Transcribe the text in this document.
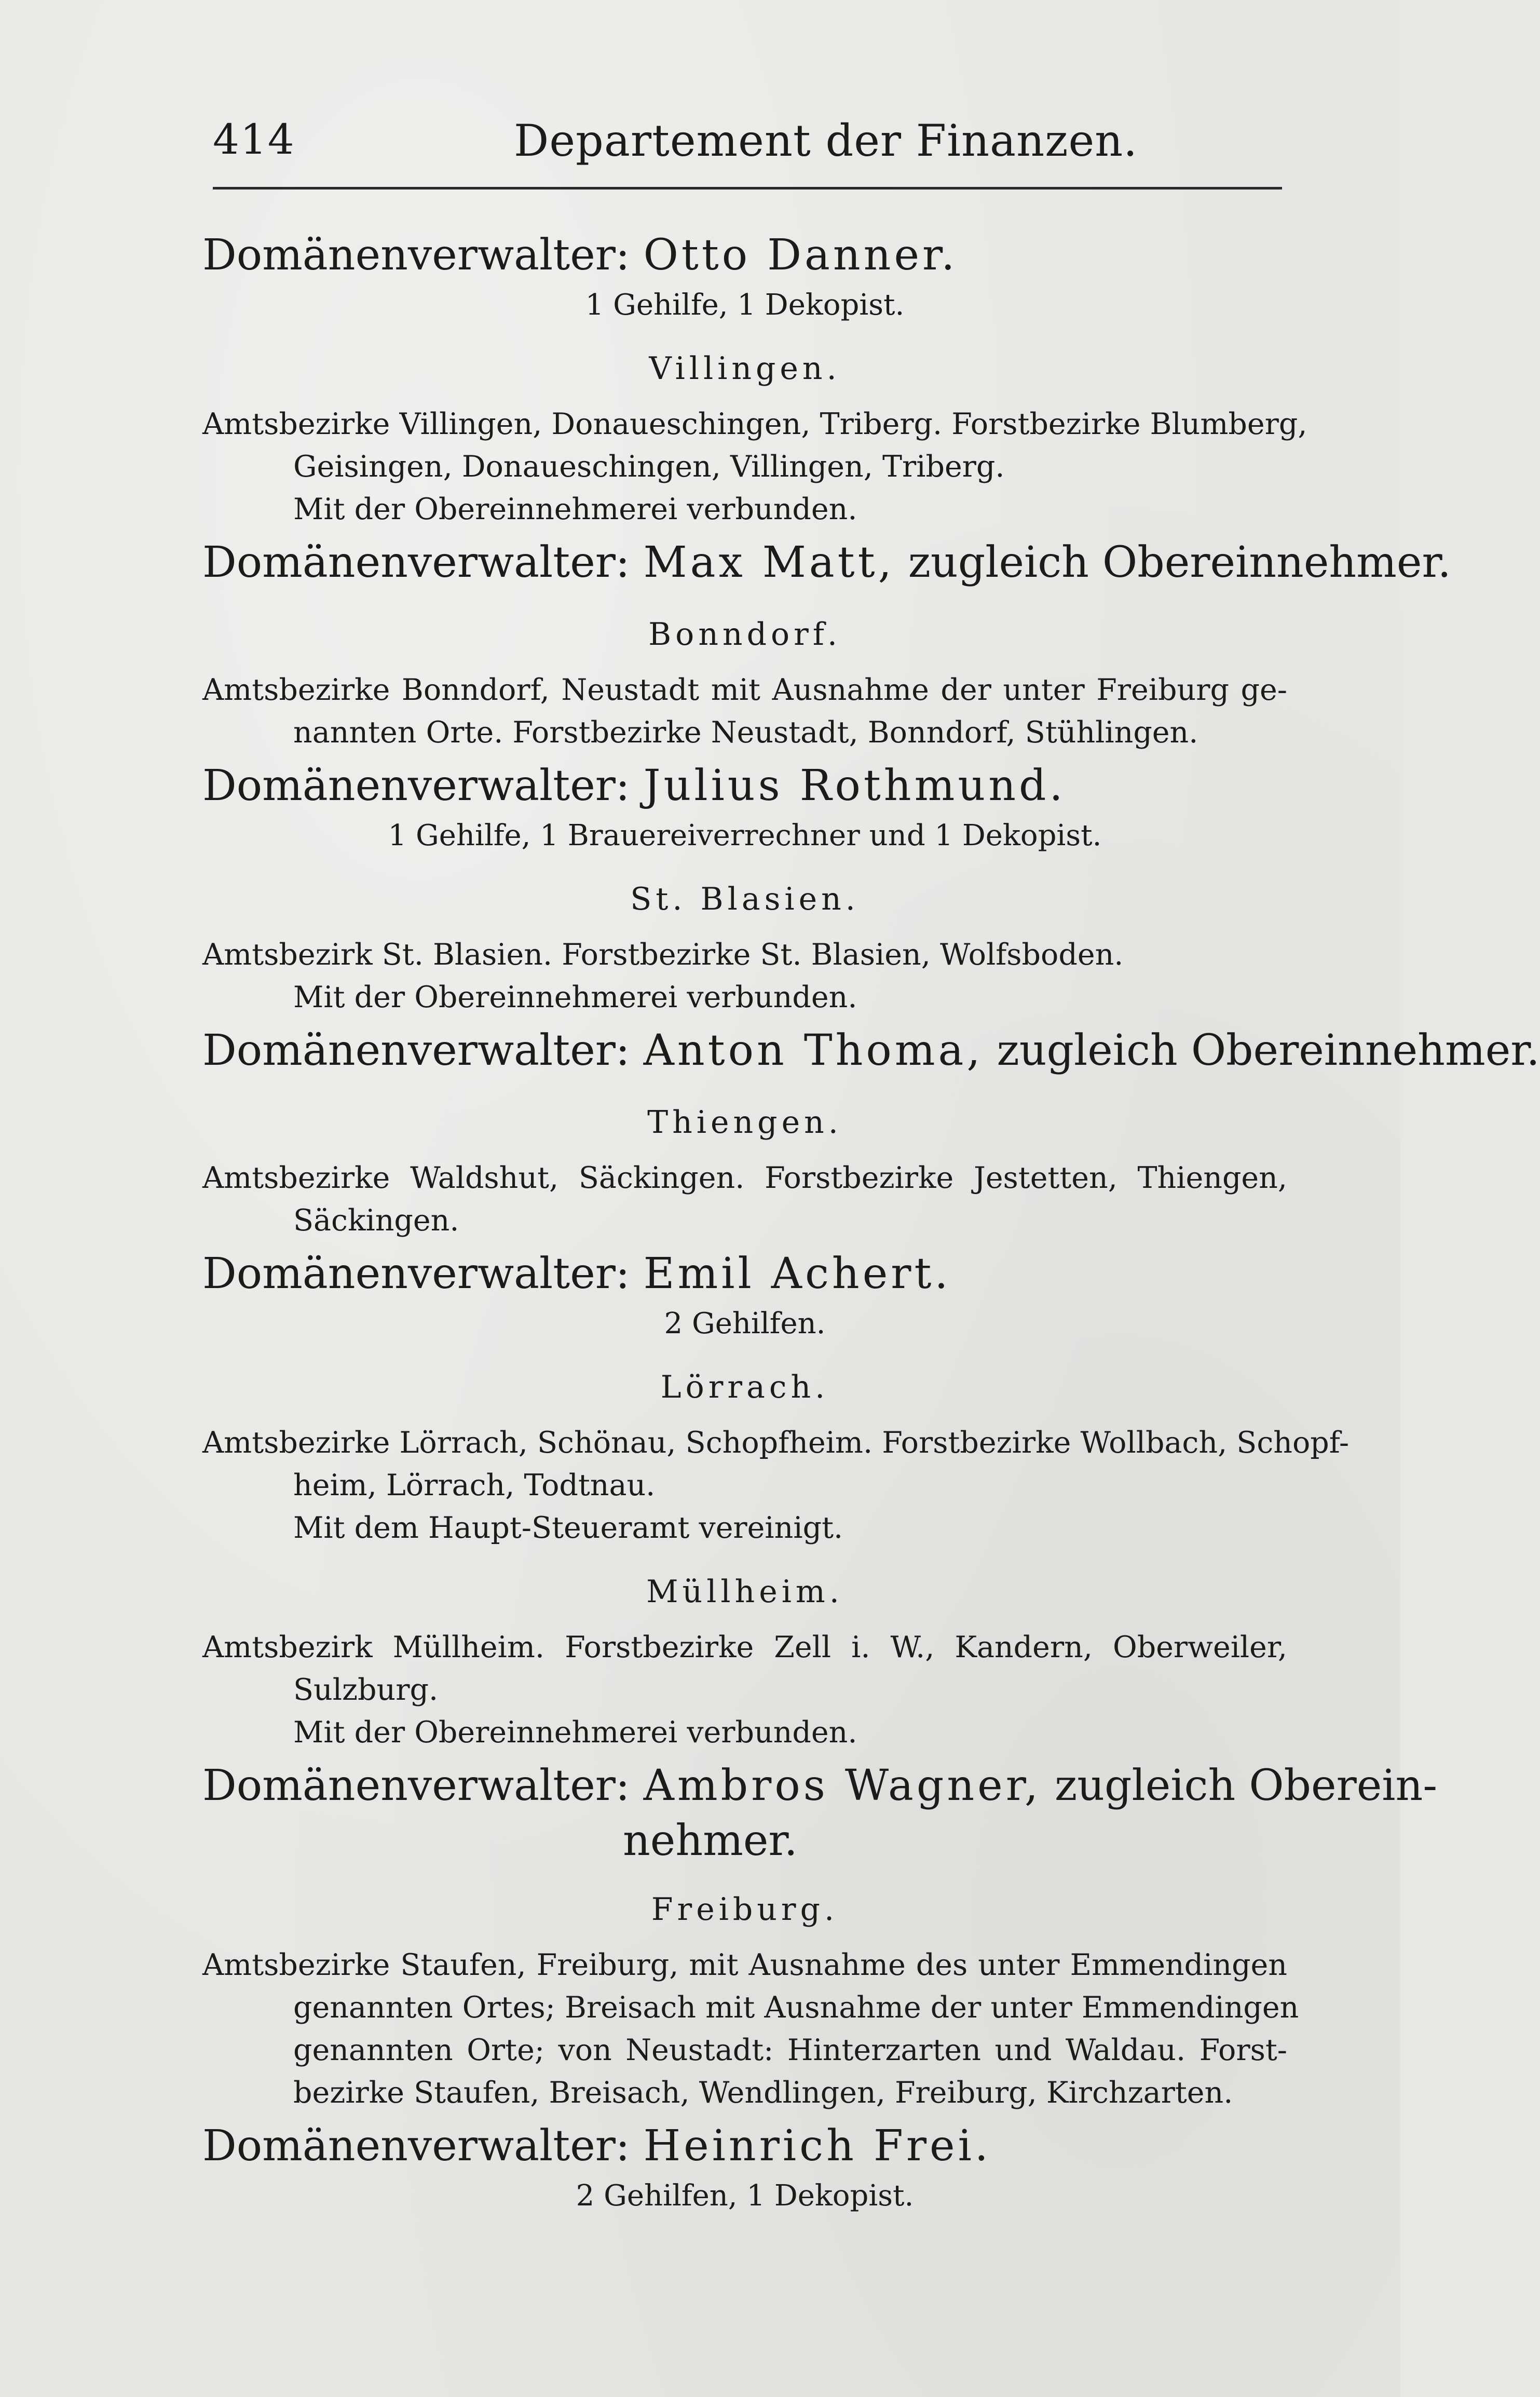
414	Departement der Finanzen.
Domänenverwalter: Otto Danner.
1 Gehilfe, 1 Dekopist.
Villingen.
Amtsbezirke Villingen, Donaueschingen, Triberg. Forstbezirke Blumberg,
Geisingen, Donaueschingen, Villingen, Triberg.
Mit der Obereinnehmerei verbunden.
Domänenverwalter: Max Matt, zugleich Obereinnehmer.
Bonndorf.
Amtsbezirke Bonndorf, Neustadt mit Ausnahme der unter Freiburg ge-
nannten Orte. Forstbezirke Neustadt, Bonndorf, Stühlingen.
Domänenverwalter: Julius Rothmund.
1 Gehilfe, 1 Brauereiverrechner und 1 Dekopist.
St. Blasien.
Amtsbezirk St. Blasien. Forstbezirke St. Blasien, Wolfsboden.
Mit der Obereinnehmerei verbunden.
Domänenverwalter: Anton Thoma, zugleich Obereinnehmer.
Thiengen.
Amtsbezirke Waldshut, Säckingen. Forstbezirke Jestetten, Thiengen,
Säckingen.
Domänenverwalter: Emil Achert.
2 Gehilfen.
Lörrach.
Amtsbezirke Lörrach, Schönau, Schopfheim. Forstbezirke Wollbach, Schopf-
heim, Lörrach, Todtnau.
Mit dem Haupt-Steueramt vereinigt.
Müllheim.
Amtsbezirk Müllheim. Forstbezirke Zell i. W., Kandern, Oberweiler,
Sulzburg.
Mit der Obereinnehmerei verbunden.
Domänenverwalter: Ambros Wagner, zugleich Oberein-
nehmer.
Freiburg.
Amtsbezirke Staufen, Freiburg, mit Ausnahme des unter Emmendingen
genannten Ortes; Breisach mit Ausnahme der unter Emmendingen
genannten Orte; von Neustadt: Hinterzarten und Waldau. Forst-
bezirke Staufen, Breisach, Wendlingen, Freiburg, Kirchzarten.
Domänenverwalter: Heinrich Frei.
2 Gehilfen, 1 Dekopist.
